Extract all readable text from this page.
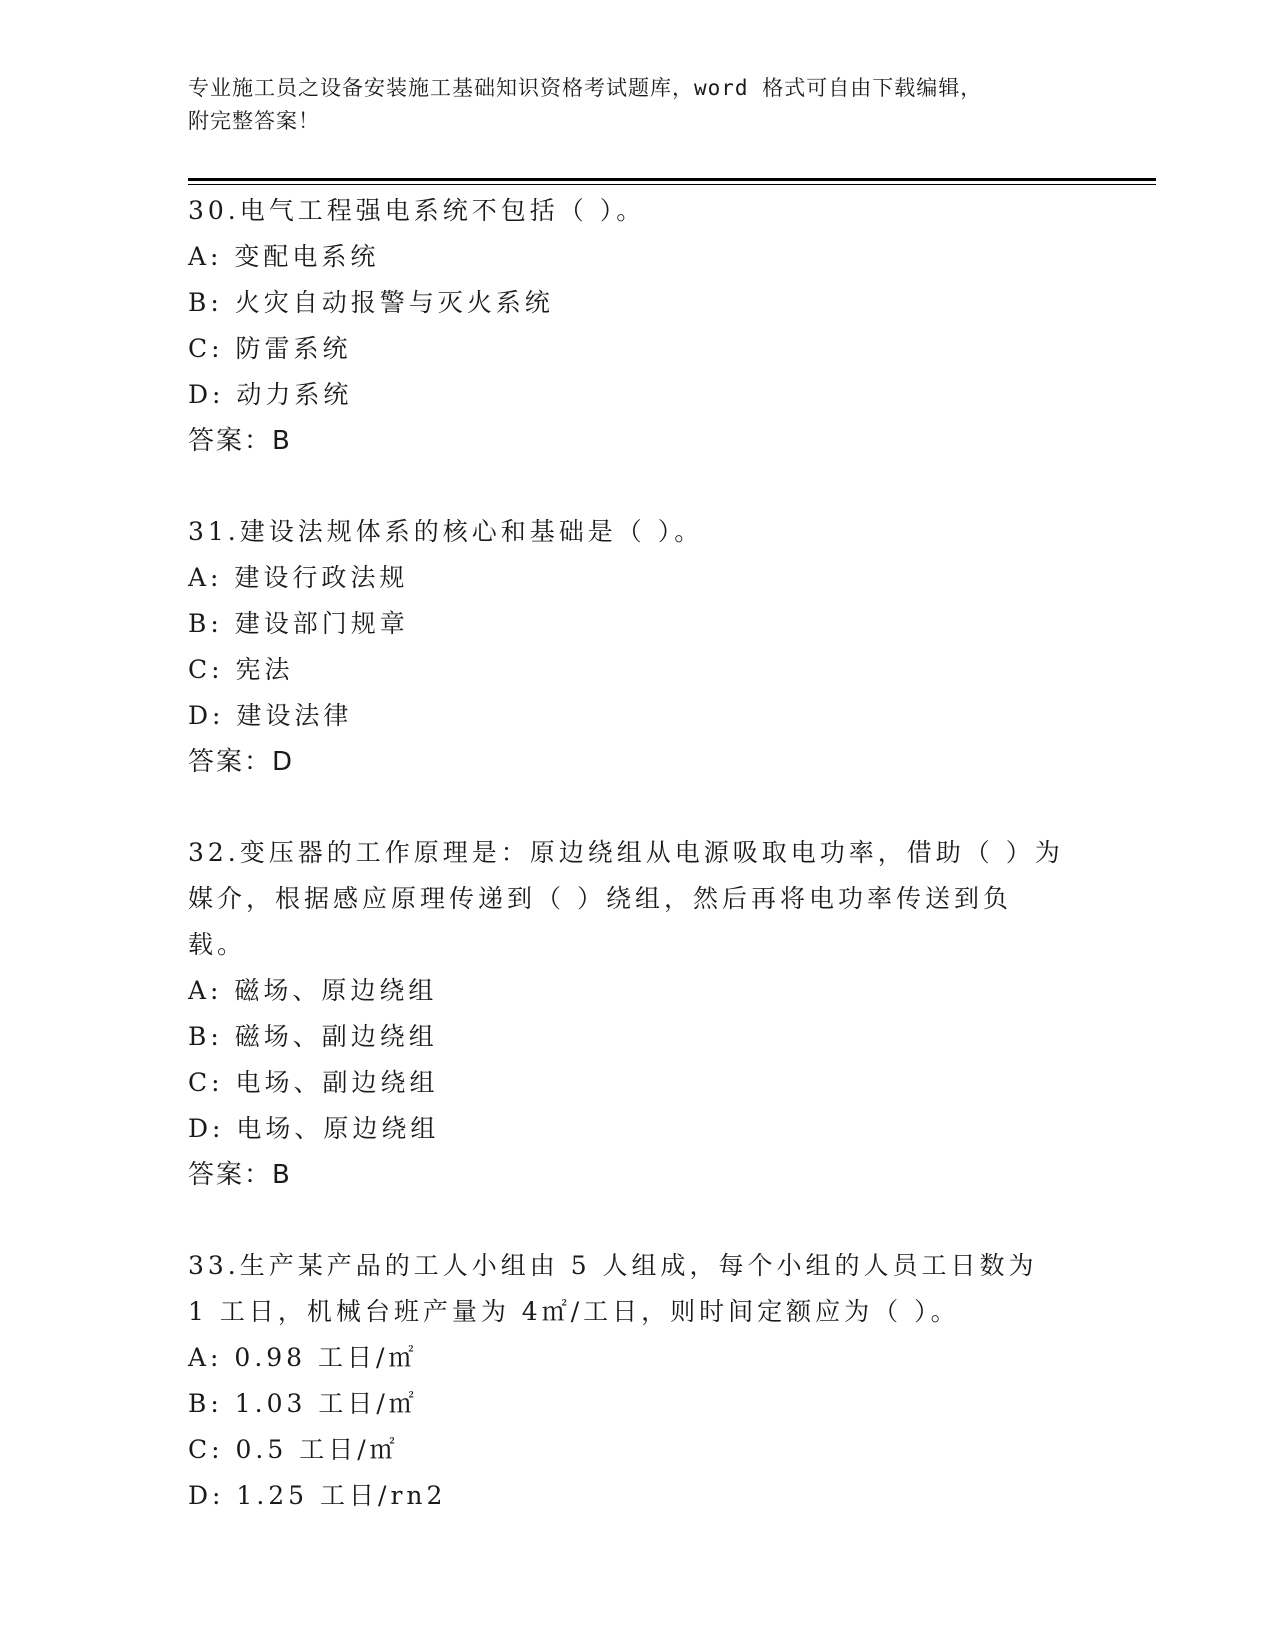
专业施工员之设备安装施工基础知识资格考试题库，word 格式可自由下载编辑，
附完整答案！
30.电气工程强电系统不包括（ ）。
A: 变配电系统
B: 火灾自动报警与灭火系统
C: 防雷系统
D: 动力系统
答案：B
31.建设法规体系的核心和基础是（ ）。
A: 建设行政法规
B: 建设部门规章
C: 宪法
D: 建设法律
答案：D
32.变压器的工作原理是：原边绕组从电源吸取电功率，借助（ ）为媒介，根据感应原理传递到（ ）绕组，然后再将电功率传送到负载。
A: 磁场、原边绕组
B: 磁场、副边绕组
C: 电场、副边绕组
D: 电场、原边绕组
答案：B
33.生产某产品的工人小组由 5 人组成，每个小组的人员工日数为 1 工日，机械台班产量为 4㎡/工日，则时间定额应为（ ）。
A: 0.98 工日/㎡
B: 1.03 工日/㎡
C: 0.5 工日/㎡
D: 1.25 工日/rn2
